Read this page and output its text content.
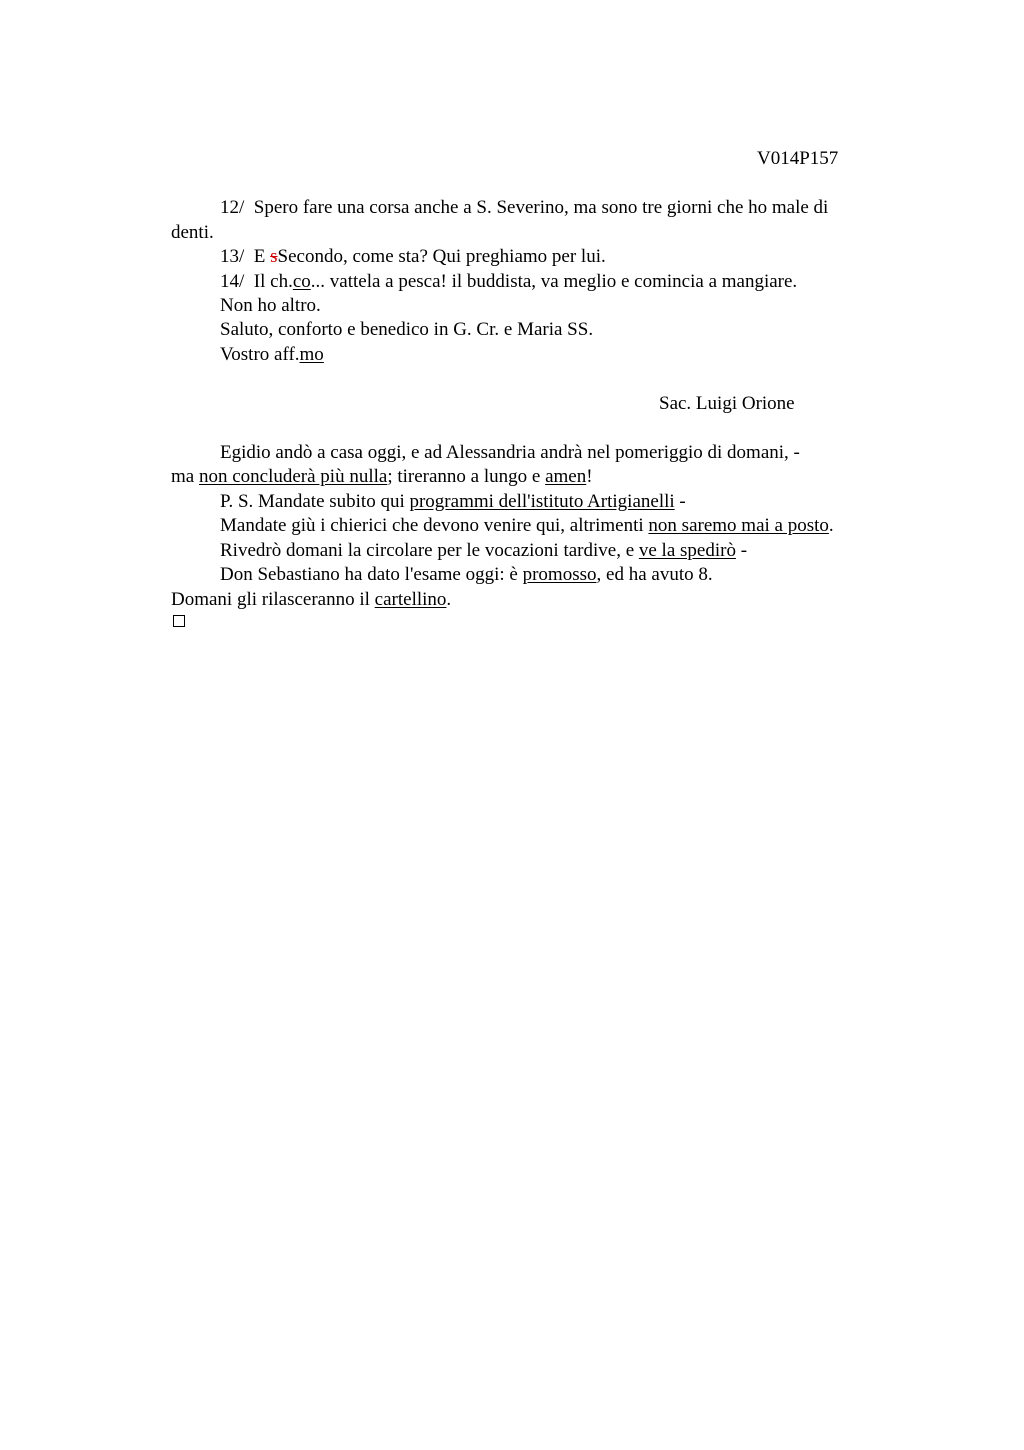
V014P157
12/ Spero fare una corsa anche a S. Severino, ma sono tre giorni che ho male di
denti.
13/ E sSecondo, come sta? Qui preghiamo per lui.
14/ Il ch.co... vattela a pesca! il buddista, va meglio e comincia a mangiare.
Non ho altro.
Saluto, conforto e benedico in G. Cr. e Maria SS.
Vostro aff.mo
Sac. Luigi Orione
Egidio andò a casa oggi, e ad Alessandria andrà nel pomeriggio di domani, -
ma non concluderà più nulla; tireranno a lungo e amen!
P. S. Mandate subito qui programmi dell'istituto Artigianelli -
Mandate giù i chierici che devono venire qui, altrimenti non saremo mai a posto.
Rivedrò domani la circolare per le vocazioni tardive, e ve la spedirò -
Don Sebastiano ha dato l'esame oggi: è promosso, ed ha avuto 8.
Domani gli rilasceranno il cartellino.
